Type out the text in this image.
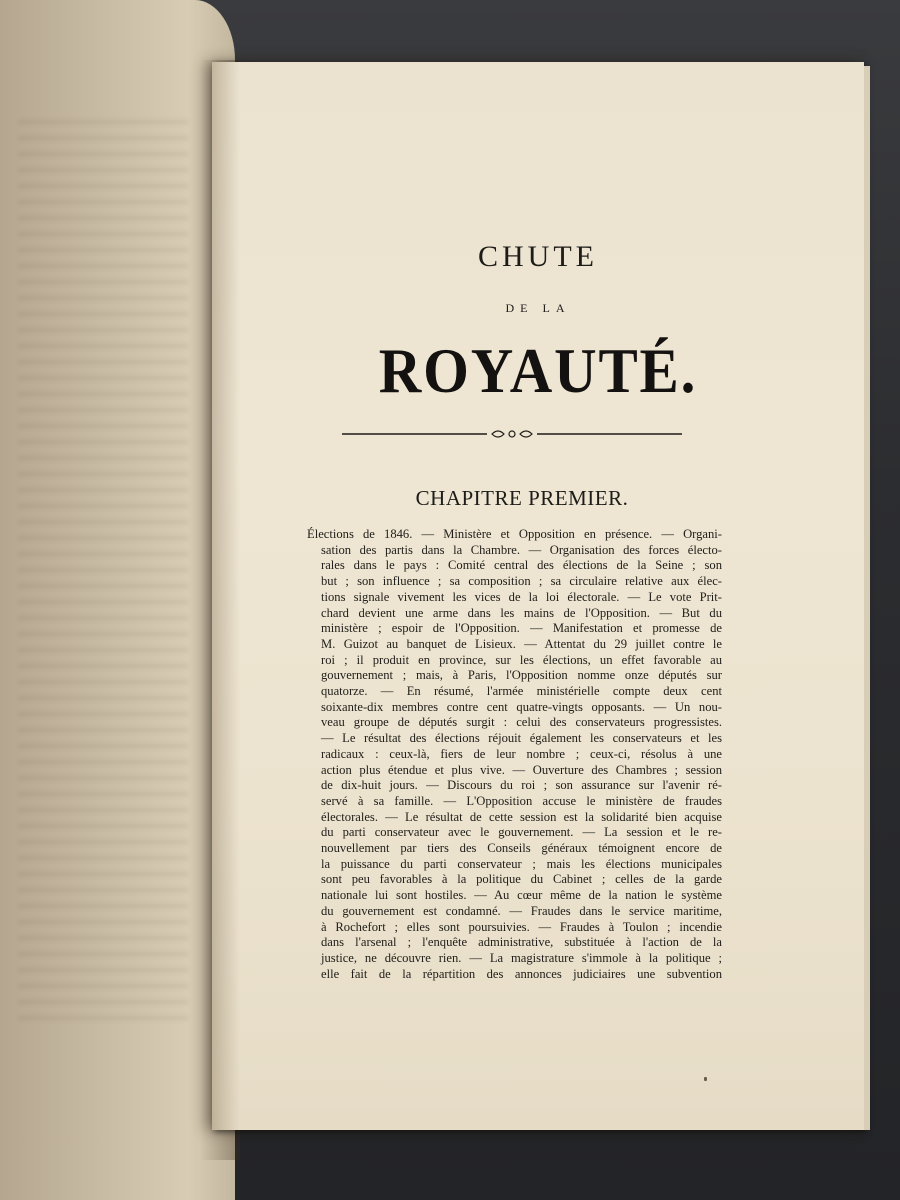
CHUTE
DE LA
ROYAUTÉ.
CHAPITRE PREMIER.
Élections de 1846. — Ministère et Opposition en présence. — Organi-
sation des partis dans la Chambre. — Organisation des forces électo-
rales dans le pays : Comité central des élections de la Seine ; son
but ; son influence ; sa composition ; sa circulaire relative aux élec-
tions signale vivement les vices de la loi électorale. — Le vote Prit-
chard devient une arme dans les mains de l'Opposition. — But du
ministère ; espoir de l'Opposition. — Manifestation et promesse de
M. Guizot au banquet de Lisieux. — Attentat du 29 juillet contre le
roi ; il produit en province, sur les élections, un effet favorable au
gouvernement ; mais, à Paris, l'Opposition nomme onze députés sur
quatorze. — En résumé, l'armée ministérielle compte deux cent
soixante-dix membres contre cent quatre-vingts opposants. — Un nou-
veau groupe de députés surgit : celui des conservateurs progressistes.
— Le résultat des élections réjouit également les conservateurs et les
radicaux : ceux-là, fiers de leur nombre ; ceux-ci, résolus à une
action plus étendue et plus vive. — Ouverture des Chambres ; session
de dix-huit jours. — Discours du roi ; son assurance sur l'avenir ré-
servé à sa famille. — L'Opposition accuse le ministère de fraudes
électorales. — Le résultat de cette session est la solidarité bien acquise
du parti conservateur avec le gouvernement. — La session et le re-
nouvellement par tiers des Conseils généraux témoignent encore de
la puissance du parti conservateur ; mais les élections municipales
sont peu favorables à la politique du Cabinet ; celles de la garde
nationale lui sont hostiles. — Au cœur même de la nation le système
du gouvernement est condamné. — Fraudes dans le service maritime,
à Rochefort ; elles sont poursuivies. — Fraudes à Toulon ; incendie
dans l'arsenal ; l'enquête administrative, substituée à l'action de la
justice, ne découvre rien. — La magistrature s'immole à la politique ;
elle fait de la répartition des annonces judiciaires une subvention
